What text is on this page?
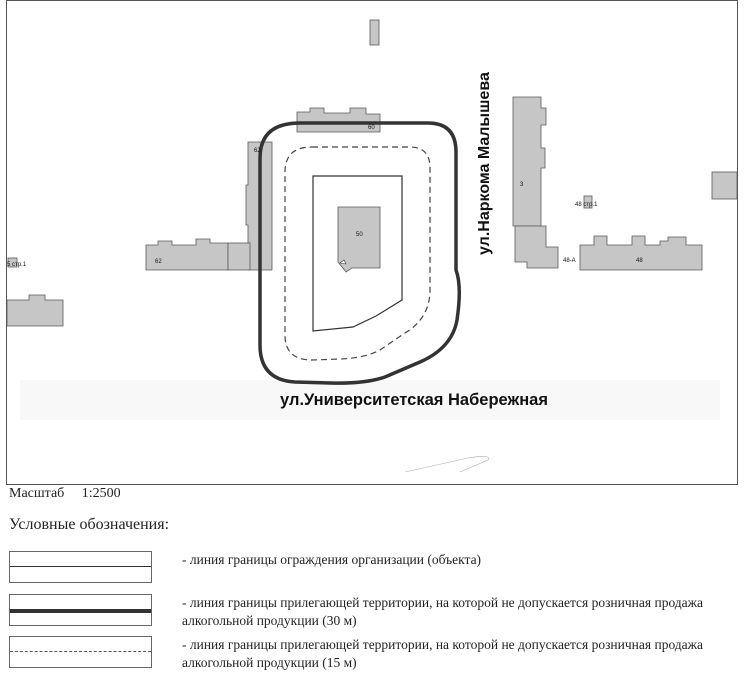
60
62
62
50
3
48 стр.1
48-А	48
5 стр.1
ул.Университетская Набережная
ул.Наркома Малышева
Масштаб 1:2500
Условные обозначения:
- линия границы ограждения организации (объекта)
- линия границы прилегающей территории, на которой не допускается розничная продажа алкогольной продукции (30 м)
- линия границы прилегающей территории, на которой не допускается розничная продажа алкогольной продукции (15 м)
